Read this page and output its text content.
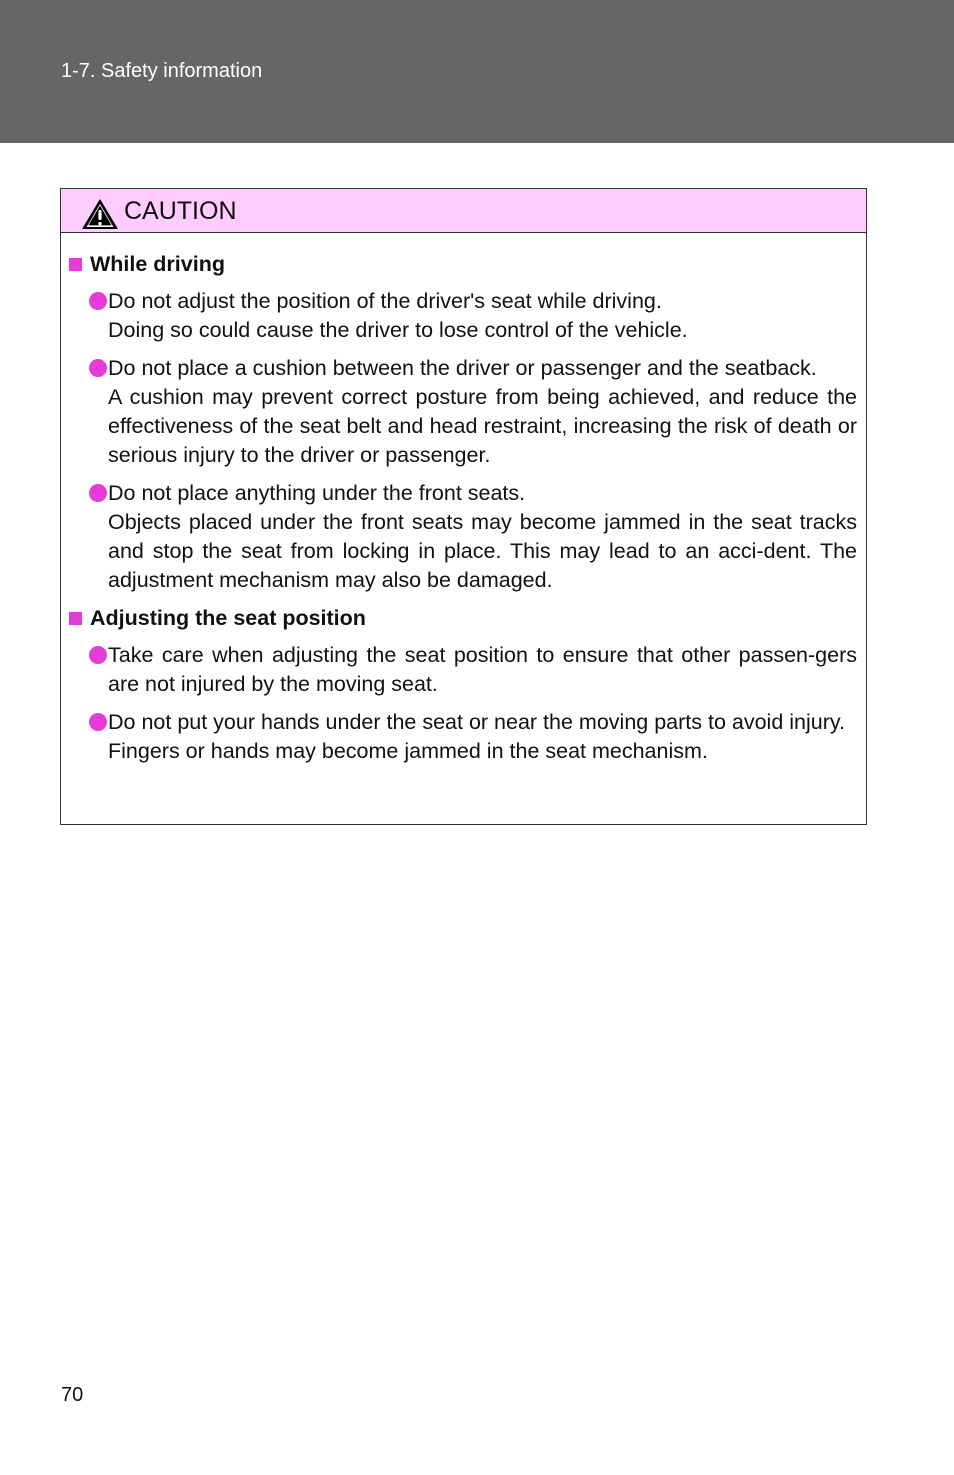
1-7. Safety information
CAUTION
While driving

Do not adjust the position of the driver's seat while driving.

Doing so could cause the driver to lose control of the vehicle.

Do not place a cushion between the driver or passenger and the seatback.

A cushion may prevent correct posture from being achieved, and reduce the effectiveness of the seat belt and head restraint, increasing the risk of death or serious injury to the driver or passenger.

Do not place anything under the front seats.

Objects placed under the front seats may become jammed in the seat tracks and stop the seat from locking in place. This may lead to an acci-dent. The adjustment mechanism may also be damaged.

Adjusting the seat position

Take care when adjusting the seat position to ensure that other passen-gers are not injured by the moving seat.

Do not put your hands under the seat or near the moving parts to avoid injury.

Fingers or hands may become jammed in the seat mechanism.

70
